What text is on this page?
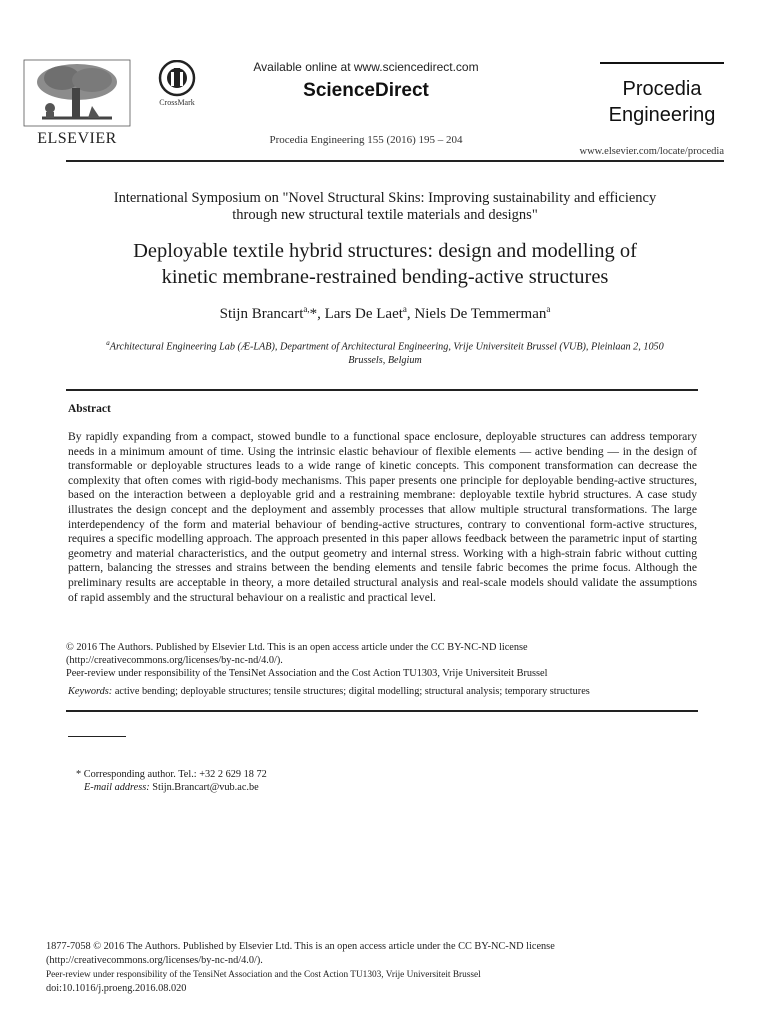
ELSEVIER
CrossMark
Available online at www.sciencedirect.com
ScienceDirect
Procedia Engineering 155 (2016) 195 – 204
Procedia
Engineering
www.elsevier.com/locate/procedia
International Symposium on "Novel Structural Skins: Improving sustainability and efficiency
through new structural textile materials and designs"
Deployable textile hybrid structures: design and modelling of
kinetic membrane-restrained bending-active structures
Stijn Brancart$^{a,}$*, Lars De Laet$^a$, Niels De Temmerman$^a$
$^a$Architectural Engineering Lab (Æ-LAB), Department of Architectural Engineering, Vrije Universiteit Brussel (VUB), Pleinlaan 2, 1050
Brussels, Belgium
Abstract
By rapidly expanding from a compact, stowed bundle to a functional space enclosure, deployable structures can address temporary needs in a minimum amount of time. Using the intrinsic elastic behaviour of flexible elements — active bending — in the design of transformable or deployable structures leads to a wide range of kinetic concepts. This component transformation can decrease the complexity that often comes with rigid-body mechanisms. This paper presents one principle for deployable bending-active structures, based on the interaction between a deployable grid and a restraining membrane: deployable textile hybrid structures. A case study illustrates the design concept and the deployment and assembly processes that allow multiple structural transformations. The large interdependency of the form and material behaviour of bending-active structures, contrary to conventional form-active structures, requires a specific modelling approach. The approach presented in this paper allows feedback between the parametric input of starting geometry and material characteristics, and the output geometry and internal stress. Working with a high-strain fabric without cutting pattern, balancing the stresses and strains between the bending elements and tensile fabric becomes the prime focus. Although the preliminary results are acceptable in theory, a more detailed structural analysis and real-scale models should validate the assumptions of rapid assembly and the structural behaviour on a realistic and practical level.
© 2016 The Authors. Published by Elsevier Ltd. This is an open access article under the CC BY-NC-ND license
(http://creativecommons.org/licenses/by-nc-nd/4.0/).
Peer-review under responsibility of the TensiNet Association and the Cost Action TU1303, Vrije Universiteit Brussel
Keywords: active bending; deployable structures; tensile structures; digital modelling; structural analysis; temporary structures
* Corresponding author. Tel.: +32 2 629 18 72
E-mail address: Stijn.Brancart@vub.ac.be
1877-7058 © 2016 The Authors. Published by Elsevier Ltd. This is an open access article under the CC BY-NC-ND license
(http://creativecommons.org/licenses/by-nc-nd/4.0/).
Peer-review under responsibility of the TensiNet Association and the Cost Action TU1303, Vrije Universiteit Brussel
doi:10.1016/j.proeng.2016.08.020
